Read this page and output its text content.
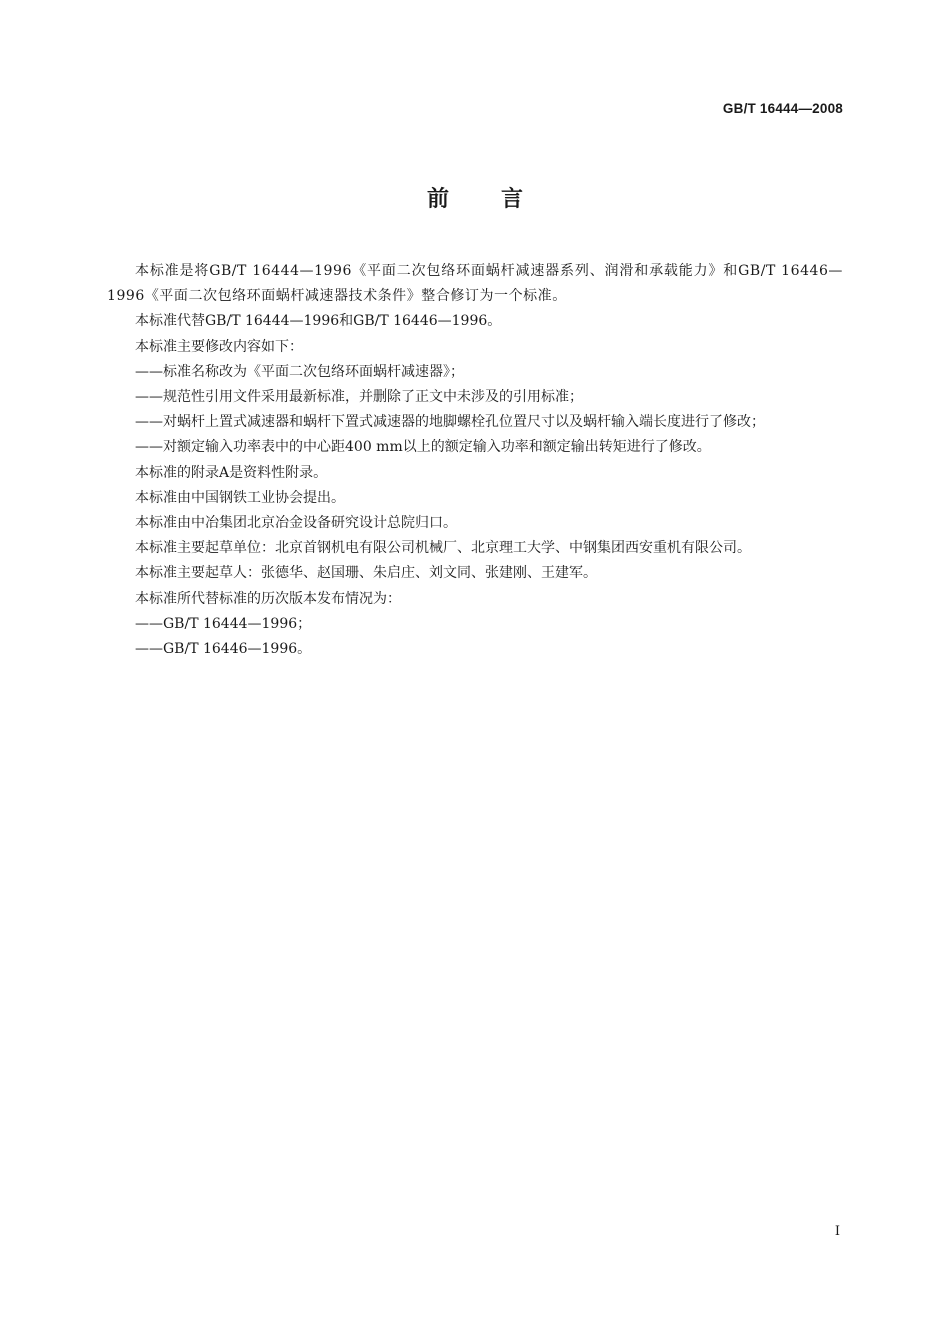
GB/T 16444—2008
前言

本标准是将GB/T 16444—1996《平面二次包络环面蜗杆减速器系列、润滑和承载能力》和GB/T 16446—1996《平面二次包络环面蜗杆减速器技术条件》整合修订为一个标准。

本标准代替GB/T 16444—1996和GB/T 16446—1996。

本标准主要修改内容如下：

——标准名称改为《平面二次包络环面蜗杆减速器》；

——规范性引用文件采用最新标准，并删除了正文中未涉及的引用标准；

——对蜗杆上置式减速器和蜗杆下置式减速器的地脚螺栓孔位置尺寸以及蜗杆输入端长度进行了修改；

——对额定输入功率表中的中心距400 mm以上的额定输入功率和额定输出转矩进行了修改。

本标准的附录A是资料性附录。

本标准由中国钢铁工业协会提出。

本标准由中冶集团北京冶金设备研究设计总院归口。

本标准主要起草单位：北京首钢机电有限公司机械厂、北京理工大学、中钢集团西安重机有限公司。

本标准主要起草人：张德华、赵国珊、朱启庄、刘文同、张建刚、王建军。

本标准所代替标准的历次版本发布情况为：

——GB/T 16444—1996；

——GB/T 16446—1996。

I
